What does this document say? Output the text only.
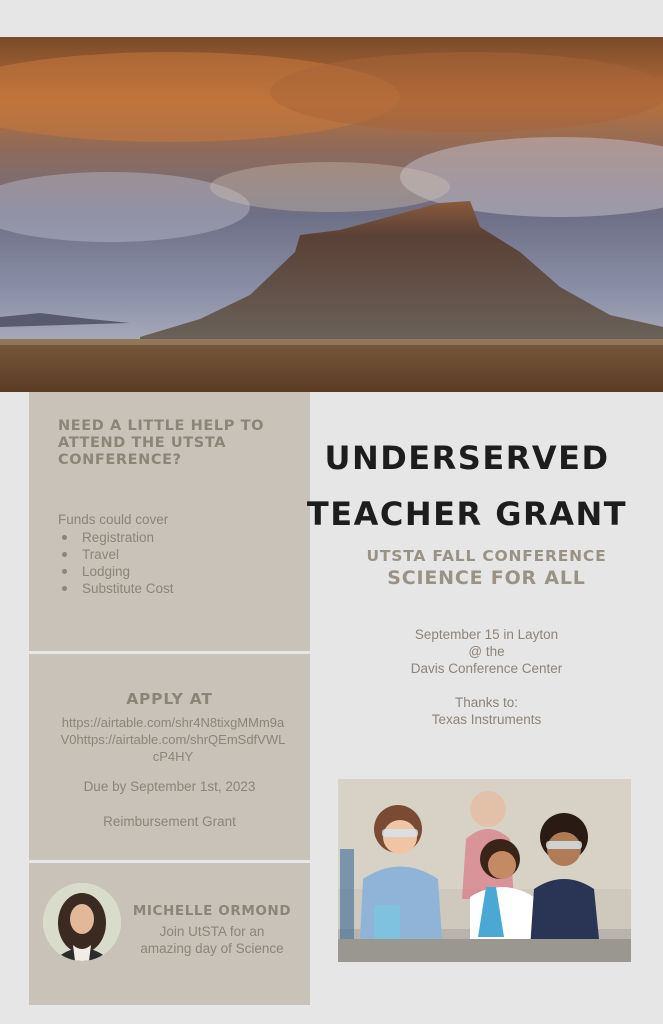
NEED A LITTLE HELP TO ATTEND THE UTSTA CONFERENCE?
Funds could cover
Registration
Travel
Lodging
Substitute Cost
APPLY AT
https://airtable.com/shr4N8tixgMMm9aV0https://airtable.com/shrQEmSdfVWLcP4HY
Due by September 1st, 2023
Reimbursement Grant
MICHELLE ORMOND
Join UtSTA for an amazing day of Science
UNDERSERVED
TEACHER GRANT
UTSTA FALL CONFERENCE
SCIENCE FOR ALL
September 15 in Layton
@ the
Davis Conference Center
Thanks to:
Texas Instruments
